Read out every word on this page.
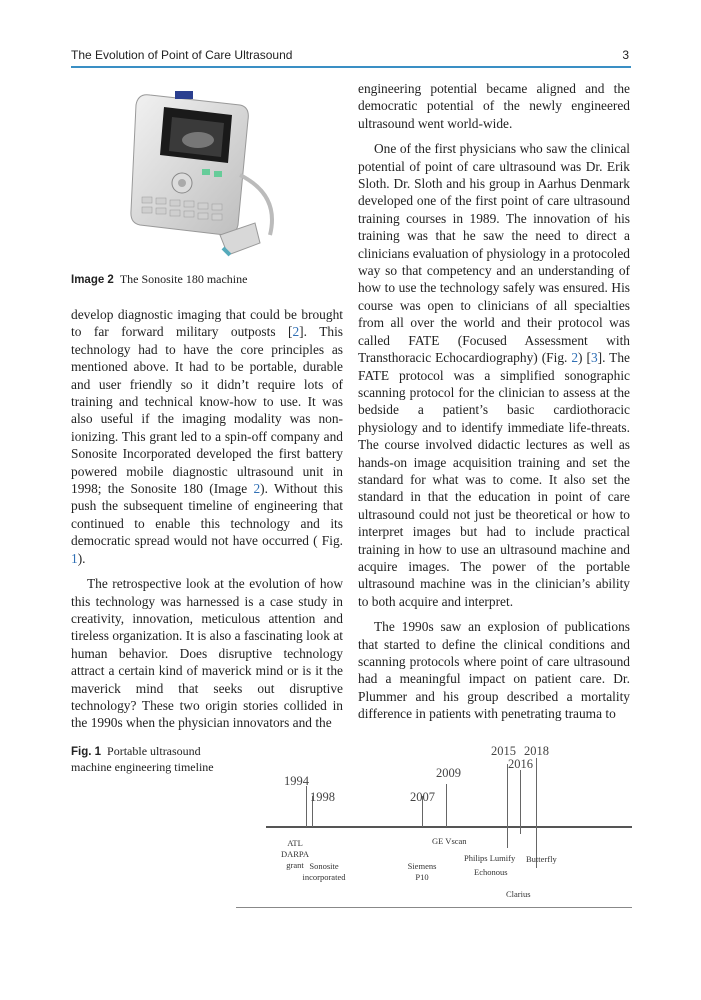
The Evolution of Point of Care Ultrasound	3
Image 2 The Sonosite 180 machine

develop diagnostic imaging that could be brought to far forward military outposts [2]. This technology had to have the core principles as mentioned above. It had to be portable, durable and user friendly so it didn’t require lots of training and technical know-how to use. It was also useful if the imaging modality was non-ionizing. This grant led to a spin-off company and Sonosite Incorporated developed the first battery powered mobile diagnostic ultrasound unit in 1998; the Sonosite 180 (Image 2). Without this push the subsequent timeline of engineering that continued to enable this technology and its democratic spread would not have occurred ( Fig. 1).

The retrospective look at the evolution of how this technology was harnessed is a case study in creativity, innovation, meticulous attention and tireless organization. It is also a fascinating look at human behavior. Does disruptive technology attract a certain kind of maverick mind or is it the maverick mind that seeks out disruptive technology? These two origin stories collided in the 1990s when the physician innovators and the

engineering potential became aligned and the democratic potential of the newly engineered ultrasound went world-wide.

One of the first physicians who saw the clinical potential of point of care ultrasound was Dr. Erik Sloth. Dr. Sloth and his group in Aarhus Denmark developed one of the first point of care ultrasound training courses in 1989. The innovation of his training was that he saw the need to direct a clinicians evaluation of physiology in a protocoled way so that competency and an understanding of how to use the technology safely was ensured. His course was open to clinicians of all specialties from all over the world and their protocol was called FATE (Focused Assessment with Transthoracic Echocardiography) (Fig. 2) [3]. The FATE protocol was a simplified sonographic scanning protocol for the clinician to assess at the bedside a patient’s basic cardiothoracic physiology and to identify immediate life-threats. The course involved didactic lectures as well as hands-on image acquisition training and set the standard for what was to come. It also set the standard in that the education in point of care ultrasound could not just be theoretical or how to interpret images but had to include practical training in how to use an ultrasound machine and acquire images. The power of the portable ultrasound machine was in the clinician’s ability to both acquire and interpret.

The 1990s saw an explosion of publications that started to define the clinical conditions and scanning protocols where point of care ultrasound had a meaningful impact on patient care. Dr. Plummer and his group described a mortality difference in patients with penetrating trauma to

Fig. 1 Portable ultrasound machine engineering timeline
1994
1998	2007
2009
2015 2018
2016
ATL DARPA grant Sonosite incorporated
Siemens P10
GE Vscan
Philips Lumify
Echonous
Butterfly
Clarius
